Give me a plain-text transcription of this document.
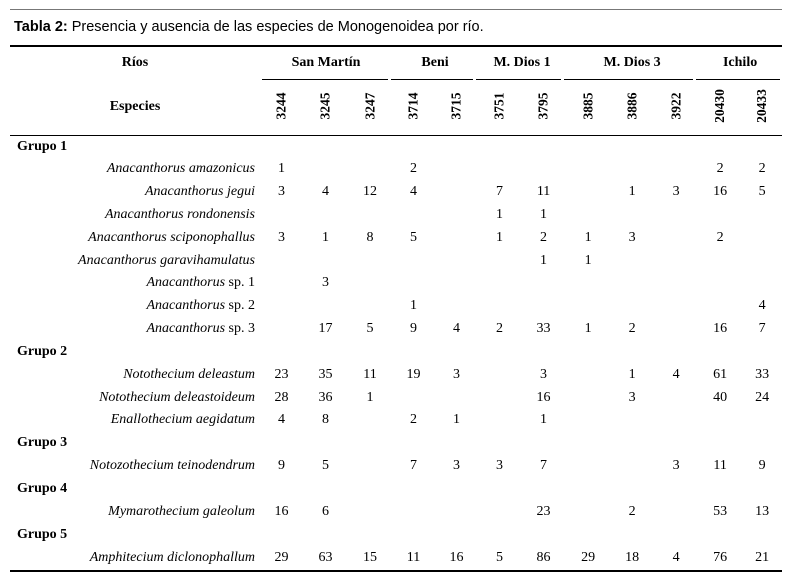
Tabla 2: Presencia y ausencia de las especies de Monogenoidea por río.
Ríos	San Martín			Beni		M. Dios 1		M. Dios 3			Ichilo	
Especies	3244	3245	3247	3714	3715	3751	3795	3885	3886	3922	20430	20433
Grupo 1												
Anacanthorus amazonicus	1			2							2	2
Anacanthorus jegui	3	4	12	4		7	11		1	3	16	5
Anacanthorus rondonensis						1	1					
Anacanthorus sciponophallus	3	1	8	5		1	2	1	3		2	
Anacanthorus garavihamulatus							1	1				
Anacanthorus sp. 1		3										
Anacanthorus sp. 2				1								4
Anacanthorus sp. 3		17	5	9	4	2	33	1	2		16	7
Grupo 2												
Notothecium deleastum	23	35	11	19	3		3		1	4	61	33
Notothecium deleastoideum	28	36	1				16		3		40	24
Enallothecium aegidatum	4	8		2	1		1					
Grupo 3												
Notozothecium teinodendrum	9	5		7	3	3	7			3	11	9
Grupo 4												
Mymarothecium galeolum	16	6					23		2		53	13
Grupo 5												
Amphitecium diclonophallum	29	63	15	11	16	5	86	29	18	4	76	21
